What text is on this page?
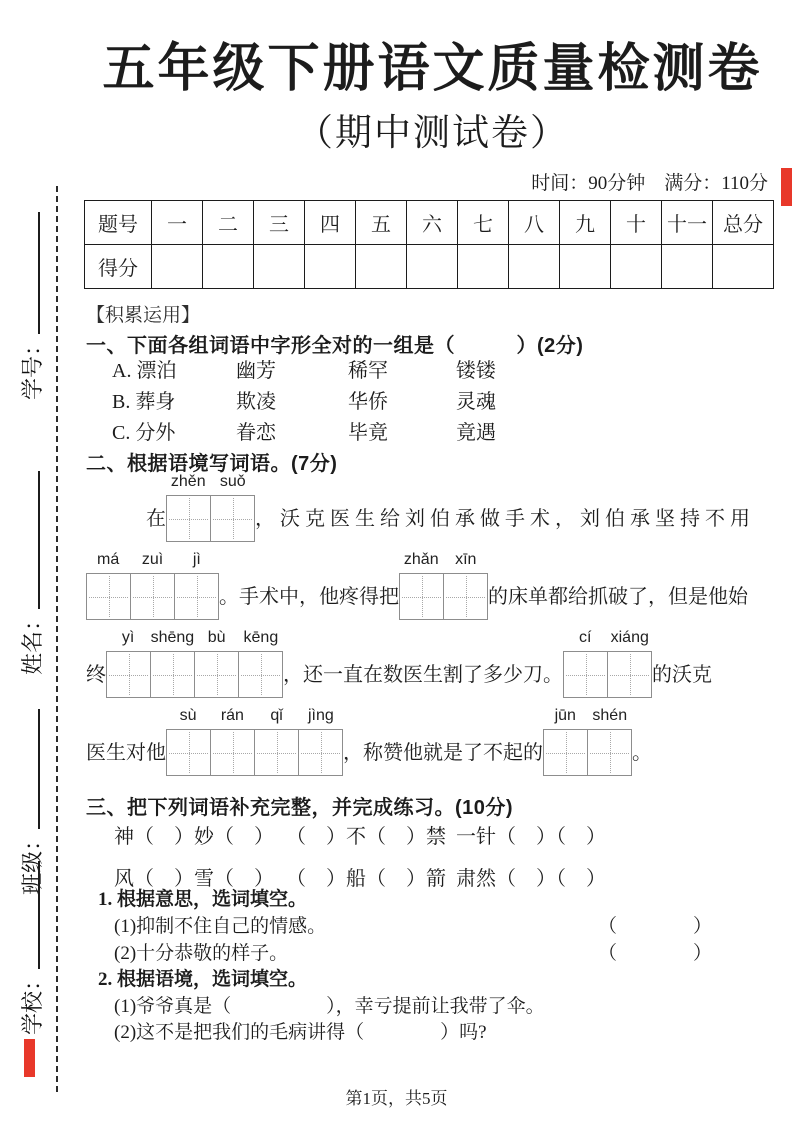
五年级下册语文质量检测卷
（期中测试卷）
时间：90分钟　满分：110分
题号	一	二	三	四	五	六	七	八	九	十	十一	总分
得分												
学号：
姓名：
班级：
学校：
【积累运用】
一、下面各组词语中字形全对的一组是（　　　）(2分)
A. 漂泊	幽芳	稀罕	镂镂
B. 葬身	欺凌	华侨	灵魂
C. 分外	眷恋	毕竟	竟遇
二、根据语境写词语。(7分)
在
zhěn suǒ
，沃克医生给刘伯承做手术，刘伯承坚持不用
má	zuì	jì
。手术中，他疼得把
zhǎn	xīn
的床单都给抓破了，但是他始
终
yì	shēng bù	kēng
，还一直在数医生割了多少刀。
cí	xiáng
的沃克
医生对他
sù	rán	qǐ	jìng
，称赞他就是了不起的
jūn	shén
。
三、把下列词语补充完整，并完成练习。(10分)
神（　）妙（　） （　）不（　）禁 一针（　）（　）
风（　）雪（　） （　）船（　）箭 肃然（　）（　）
1. 根据意思，选词填空。
(1)抑制不住自己的情感。	（　　　　）
(2)十分恭敬的样子。	（　　　　）
2. 根据语境，选词填空。
(1)爷爷真是（　　　　　），幸亏提前让我带了伞。
(2)这不是把我们的毛病讲得（　　　　）吗?
第1页，共5页
